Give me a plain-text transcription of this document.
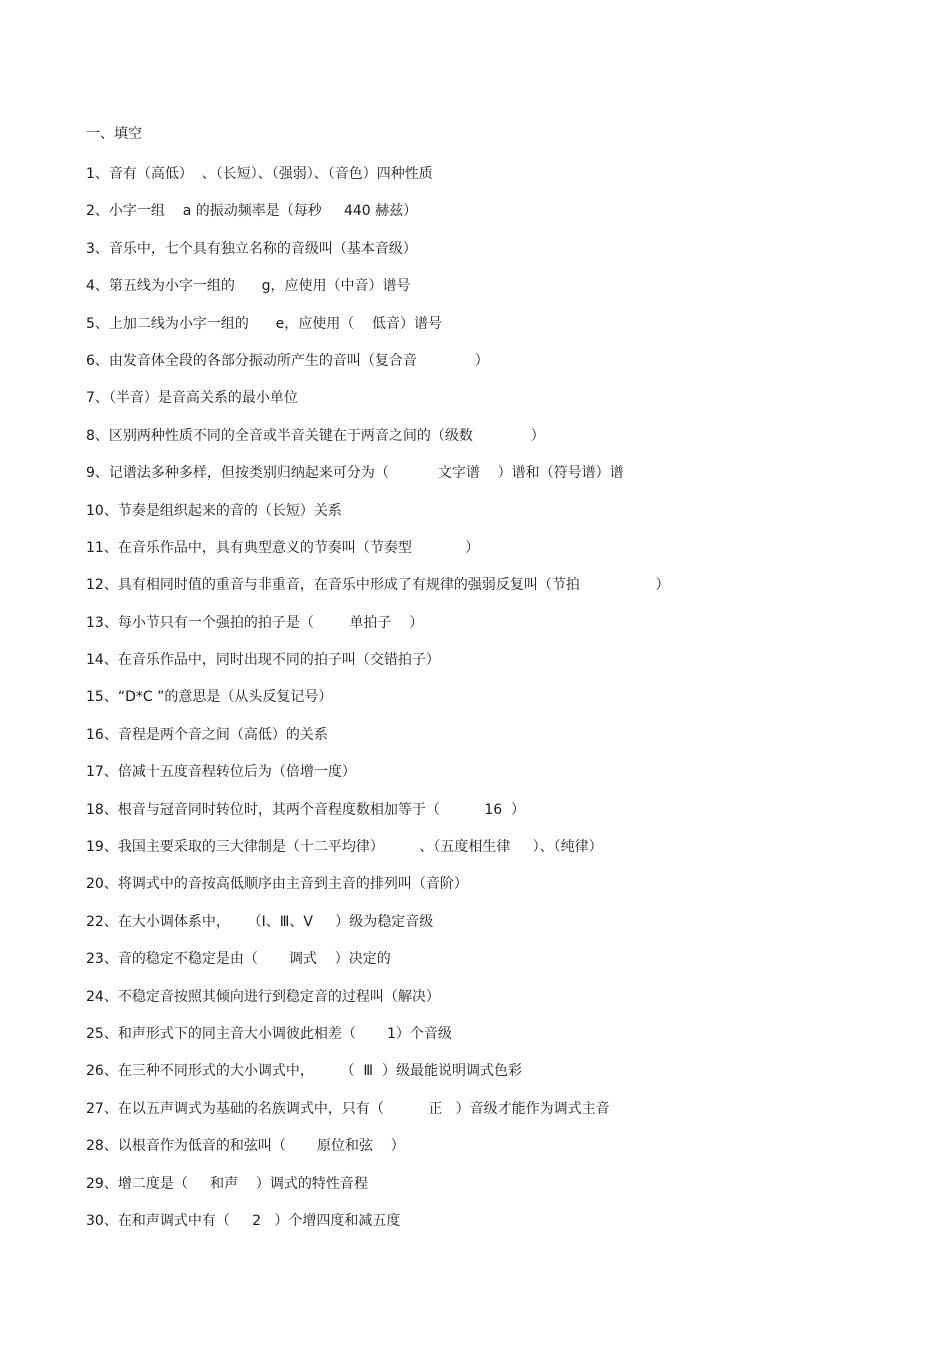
一、填空
1、音有（高低）  、（长短）、（强弱）、（音色）四种性质
2、小字一组    a 的振动频率是（每秒     440 赫兹）
3、音乐中，七个具有独立名称的音级叫（基本音级）
4、第五线为小字一组的      g，应使用（中音）谱号
5、上加二线为小字一组的      e，应使用（    低音）谱号
6、由发音体全段的各部分振动所产生的音叫（复合音             ）
7、（半音）是音高关系的最小单位
8、区别两种性质不同的全音或半音关键在于两音之间的（级数             ）
9、记谱法多种多样，但按类别归纳起来可分为（           文字谱    ）谱和（符号谱）谱
10、节奏是组织起来的音的（长短）关系
11、在音乐作品中，具有典型意义的节奏叫（节奏型            ）
12、具有相同时值的重音与非重音，在音乐中形成了有规律的强弱反复叫（节拍                 ）
13、每小节只有一个强拍的拍子是（        单拍子    ）
14、在音乐作品中，同时出现不同的拍子叫（交错拍子）
15、“D*C ”的意思是（从头反复记号）
16、音程是两个音之间（高低）的关系
17、倍减十五度音程转位后为（倍增一度）
18、根音与冠音同时转位时，其两个音程度数相加等于（          16  ）
19、我国主要采取的三大律制是（十二平均律）        、（五度相生律     ）、（纯律）
20、将调式中的音按高低顺序由主音到主音的排列叫（音阶）
22、在大小调体系中，    （Ⅰ、Ⅲ、Ⅴ     ）级为稳定音级
23、音的稳定不稳定是由（       调式    ）决定的
24、不稳定音按照其倾向进行到稳定音的过程叫（解决）
25、和声形式下的同主音大小调彼此相差（       1）个音级
26、在三种不同形式的大小调式中，      （  Ⅲ  ）级最能说明调式色彩
27、在以五声调式为基础的名族调式中，只有（          正   ）音级才能作为调式主音
28、以根音作为低音的和弦叫（       原位和弦    ）
29、增二度是（     和声    ）调式的特性音程
30、在和声调式中有（     2   ）个增四度和减五度
